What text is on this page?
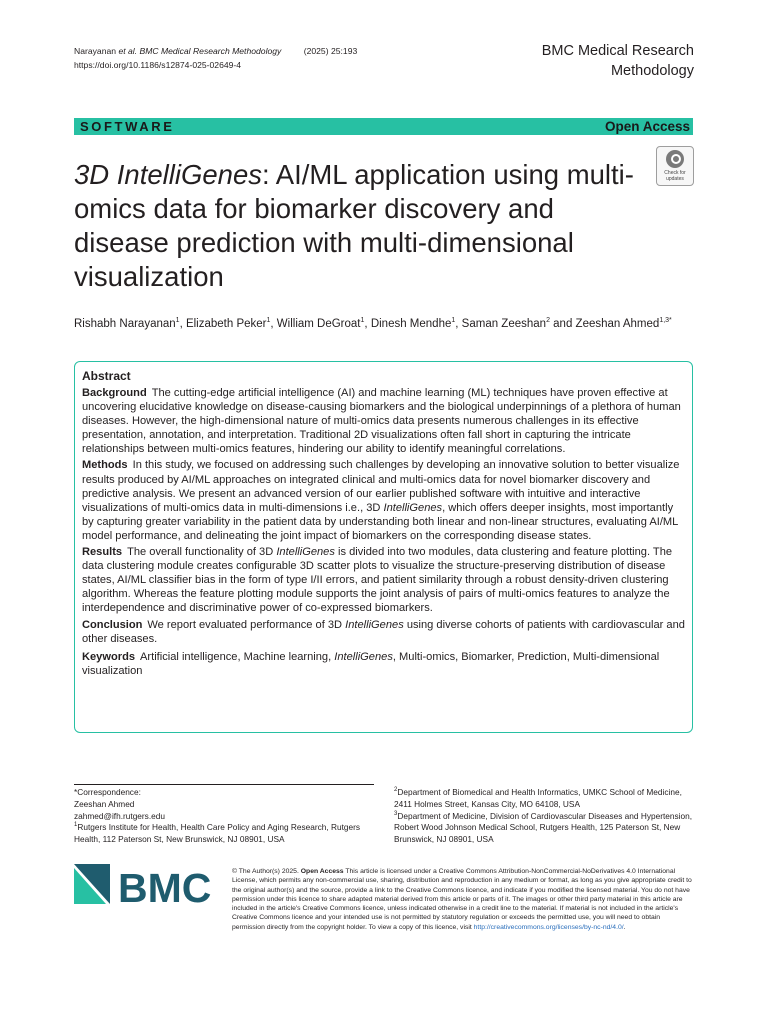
Narayanan et al. BMC Medical Research Methodology	(2025) 25:193
https://doi.org/10.1186/s12874-025-02649-4
BMC Medical Research Methodology
SOFTWARE	Open Access
Check for
updates
3D IntelliGenes: AI/ML application using multi-omics data for biomarker discovery and disease prediction with multi-dimensional visualization
Rishabh Narayanan$^1$, Elizabeth Peker$^1$, William DeGroat$^1$, Dinesh Mendhe$^1$, Saman Zeeshan$^2$ and Zeeshan Ahmed$^{1,3*}$
Abstract

Background The cutting-edge artificial intelligence (AI) and machine learning (ML) techniques have proven effective at uncovering elucidative knowledge on disease-causing biomarkers and the biological underpinnings of a plethora of human diseases. However, the high-dimensional nature of multi-omics data presents numerous challenges in its effective presentation, annotation, and interpretation. Traditional 2D visualizations often fall short in capturing the intricate relationships between multi-omics features, hindering our ability to identify meaningful correlations.

Methods In this study, we focused on addressing such challenges by developing an innovative solution to better visualize results produced by AI/ML approaches on integrated clinical and multi-omics data for novel biomarker discovery and predictive analysis. We present an advanced version of our earlier published software with intuitive and interactive visualizations of multi-omics data in multi-dimensions i.e., 3D IntelliGenes, which offers deeper insights, most importantly by capturing greater variability in the patient data by understanding both linear and non-linear structures, evaluating AI/ML model performance, and delineating the joint impact of biomarkers on the corresponding disease states.

Results The overall functionality of 3D IntelliGenes is divided into two modules, data clustering and feature plotting. The data clustering module creates configurable 3D scatter plots to visualize the structure-preserving distribution of disease states, AI/ML classifier bias in the form of type I/II errors, and patient similarity through a robust density-driven clustering algorithm. Whereas the feature plotting module supports the joint analysis of pairs of multi-omics features to analyze the interdependence and discriminative power of co-expressed biomarkers.

Conclusion We report evaluated performance of 3D IntelliGenes using diverse cohorts of patients with cardiovascular and other diseases.

Keywords Artificial intelligence, Machine learning, IntelliGenes, Multi-omics, Biomarker, Prediction, Multi-dimensional visualization

*Correspondence:
Zeeshan Ahmed
zahmed@ifh.rutgers.edu
$^1$Rutgers Institute for Health, Health Care Policy and Aging Research, Rutgers Health, 112 Paterson St, New Brunswick, NJ 08901, USA
$^2$Department of Biomedical and Health Informatics, UMKC School of Medicine, 2411 Holmes Street, Kansas City, MO 64108, USA
$^3$Department of Medicine, Division of Cardiovascular Diseases and Hypertension, Robert Wood Johnson Medical School, Rutgers Health, 125 Paterson St, New Brunswick, NJ 08901, USA
BMC	© The Author(s) 2025. Open Access This article is licensed under a Creative Commons Attribution-NonCommercial-NoDerivatives 4.0 International License, which permits any non-commercial use, sharing, distribution and reproduction in any medium or format, as long as you give appropriate credit to the original author(s) and the source, provide a link to the Creative Commons licence, and indicate if you modified the licensed material. You do not have permission under this licence to share adapted material derived from this article or parts of it. The images or other third party material in this article are included in the article's Creative Commons licence, unless indicated otherwise in a credit line to the material. If material is not included in the article's Creative Commons licence and your intended use is not permitted by statutory regulation or exceeds the permitted use, you will need to obtain permission directly from the copyright holder. To view a copy of this licence, visit http://creativecommons.org/licenses/by-nc-nd/4.0/.
